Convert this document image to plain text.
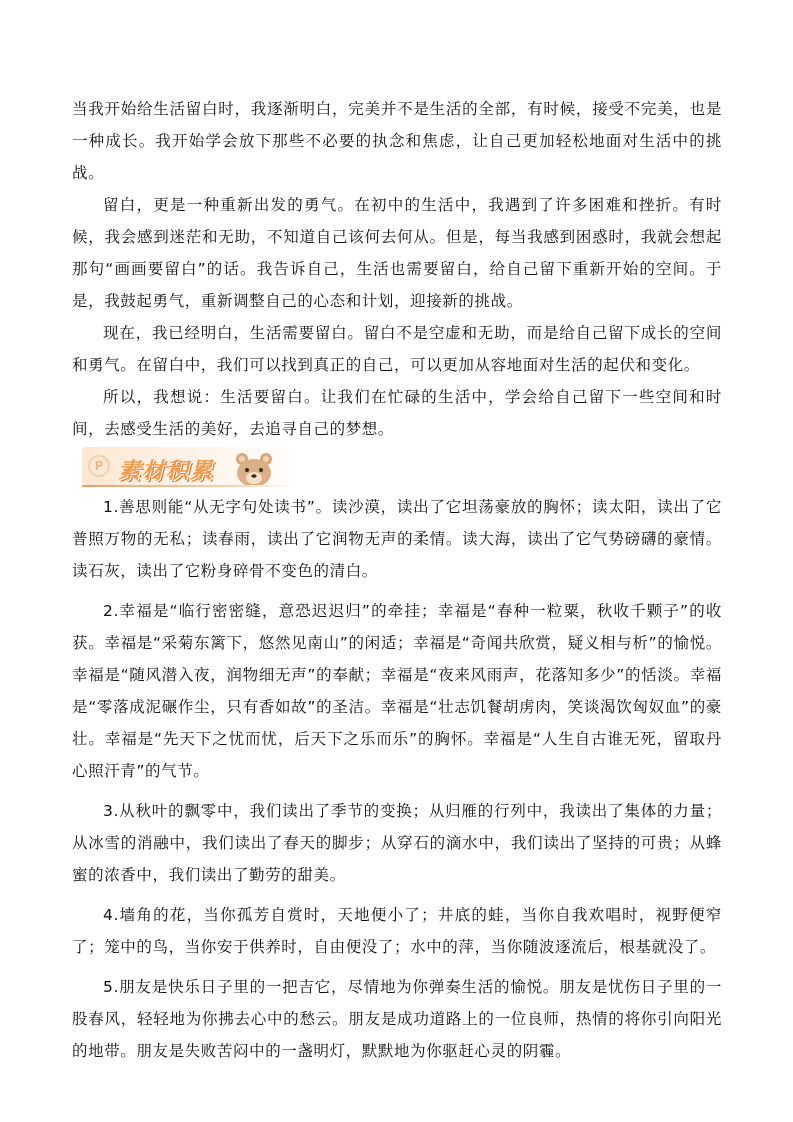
当我开始给生活留白时，我逐渐明白，完美并不是生活的全部，有时候，接受不完美，也是一种成长。我开始学会放下那些不必要的执念和焦虑，让自己更加轻松地面对生活中的挑战。

留白，更是一种重新出发的勇气。在初中的生活中，我遇到了许多困难和挫折。有时候，我会感到迷茫和无助，不知道自己该何去何从。但是，每当我感到困惑时，我就会想起那句“画画要留白”的话。我告诉自己，生活也需要留白，给自己留下重新开始的空间。于是，我鼓起勇气，重新调整自己的心态和计划，迎接新的挑战。

现在，我已经明白，生活需要留白。留白不是空虚和无助，而是给自己留下成长的空间和勇气。在留白中，我们可以找到真正的自己，可以更加从容地面对生活的起伏和变化。

所以，我想说：生活要留白。让我们在忙碌的生活中，学会给自己留下一些空间和时间，去感受生活的美好，去追寻自己的梦想。

P 素材积累

1.善思则能“从无字句处读书”。读沙漠，读出了它坦荡豪放的胸怀；读太阳，读出了它普照万物的无私；读春雨，读出了它润物无声的柔情。读大海，读出了它气势磅礴的豪情。读石灰，读出了它粉身碎骨不变色的清白。

2.幸福是“临行密密缝，意恐迟迟归”的牵挂；幸福是“春种一粒粟，秋收千颗子”的收获。幸福是“采菊东篱下，悠然见南山”的闲适；幸福是“奇闻共欣赏，疑义相与析”的愉悦。幸福是“随风潜入夜，润物细无声”的奉献；幸福是“夜来风雨声，花落知多少”的恬淡。幸福是“零落成泥碾作尘，只有香如故”的圣洁。幸福是“壮志饥餐胡虏肉，笑谈渴饮匈奴血”的豪壮。幸福是“先天下之忧而忧，后天下之乐而乐”的胸怀。幸福是“人生自古谁无死，留取丹心照汗青”的气节。

3.从秋叶的飘零中，我们读出了季节的变换；从归雁的行列中，我读出了集体的力量；从冰雪的消融中，我们读出了春天的脚步；从穿石的滴水中，我们读出了坚持的可贵；从蜂蜜的浓香中，我们读出了勤劳的甜美。

4.墙角的花，当你孤芳自赏时，天地便小了；井底的蛙，当你自我欢唱时，视野便窄了；笼中的鸟，当你安于供养时，自由便没了；水中的萍，当你随波逐流后，根基就没了。

5.朋友是快乐日子里的一把吉它，尽情地为你弹奏生活的愉悦。朋友是忧伤日子里的一股春风，轻轻地为你拂去心中的愁云。朋友是成功道路上的一位良师，热情的将你引向阳光的地带。朋友是失败苦闷中的一盏明灯，默默地为你驱赶心灵的阴霾。
